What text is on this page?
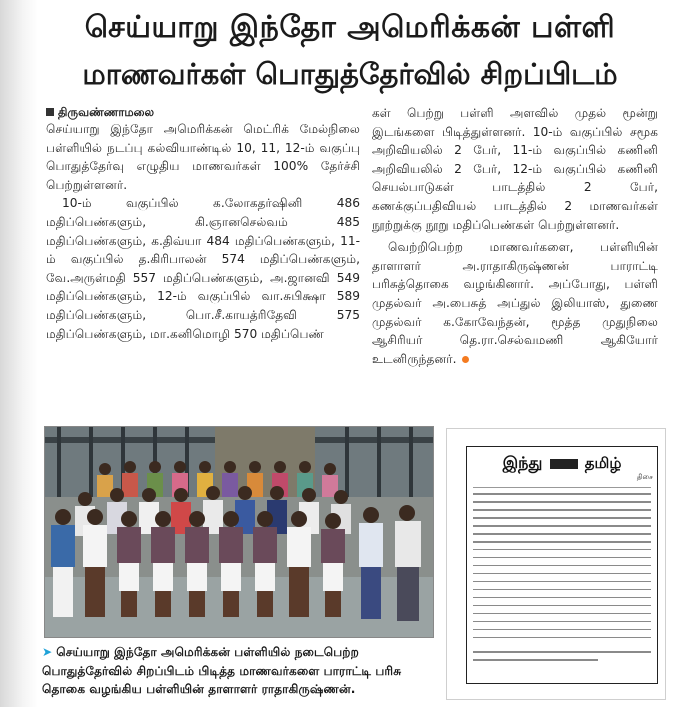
செய்யாறு இந்தோ அமெரிக்கன் பள்ளி
மாணவர்கள் பொதுத்தேர்வில் சிறப்பிடம்
திருவண்ணாமலை

செய்யாறு இந்தோ அமெரிக்கன் மெட்ரிக் மேல்நிலை பள்ளியில் நடப்பு கல்வியாண்டில் 10, 11, 12-ம் வகுப்பு பொதுத்தேர்வு எழுதிய மாணவர்கள் 100% தேர்ச்சி பெற்றுள்ளனர்.

10-ம் வகுப்பில் க.லோகதர்ஷினி 486 மதிப்பெண்களும், கி.ஞானசெல்வம் 485 மதிப்பெண்களும், க.திவ்யா 484 மதிப்பெண்களும், 11-ம் வகுப்பில் த.கிரிபாலன் 574 மதிப்பெண்களும், வே.அருள்மதி 557 மதிப்பெண்களும், அ.ஜானவி 549 மதிப்பெண்களும், 12-ம் வகுப்பில் வா.சுபிக்ஷா 589 மதிப்பெண்களும், பொ.சீ.காயத்ரிதேவி 575 மதிப்பெண்களும், மா.கனிமொழி 570 மதிப்பெண்

கள் பெற்று பள்ளி அளவில் முதல் மூன்று இடங்களை பிடித்துள்ளனர். 10-ம் வகுப்பில் சமூக அறிவியலில் 2 பேர், 11-ம் வகுப்பில் கணினி அறிவியலில் 2 பேர், 12-ம் வகுப்பில் கணினி செயல்பாடுகள் பாடத்தில் 2 பேர், கணக்குப்பதிவியல் பாடத்தில் 2 மாணவர்கள் நூற்றுக்கு நூறு மதிப்பெண்கள் பெற்றுள்ளனர்.

வெற்றிபெற்ற மாணவர்களை, பள்ளியின் தாளாளர் அ.ராதாகிருஷ்ணன் பாராட்டி பரிசுத்தொகை வழங்கினார். அப்போது, பள்ளி முதல்வர் அ.பைசுத் அப்துல் இலியாஸ், துணை முதல்வர் க.கோவேந்தன், மூத்த முதுநிலை ஆசிரியர் தெ.ரா.செல்வமணி ஆகியோர் உடனிருந்தனர்.

➤ செய்யாறு இந்தோ அமெரிக்கன் பள்ளியில் நடைபெற்ற பொதுத்தேர்வில் சிறப்பிடம் பிடித்த மாணவர்களை பாராட்டி பரிசு தொகை வழங்கிய பள்ளியின் தாளாளர் ராதாகிருஷ்ணன்.
இந்து	தமிழ்
திசை
